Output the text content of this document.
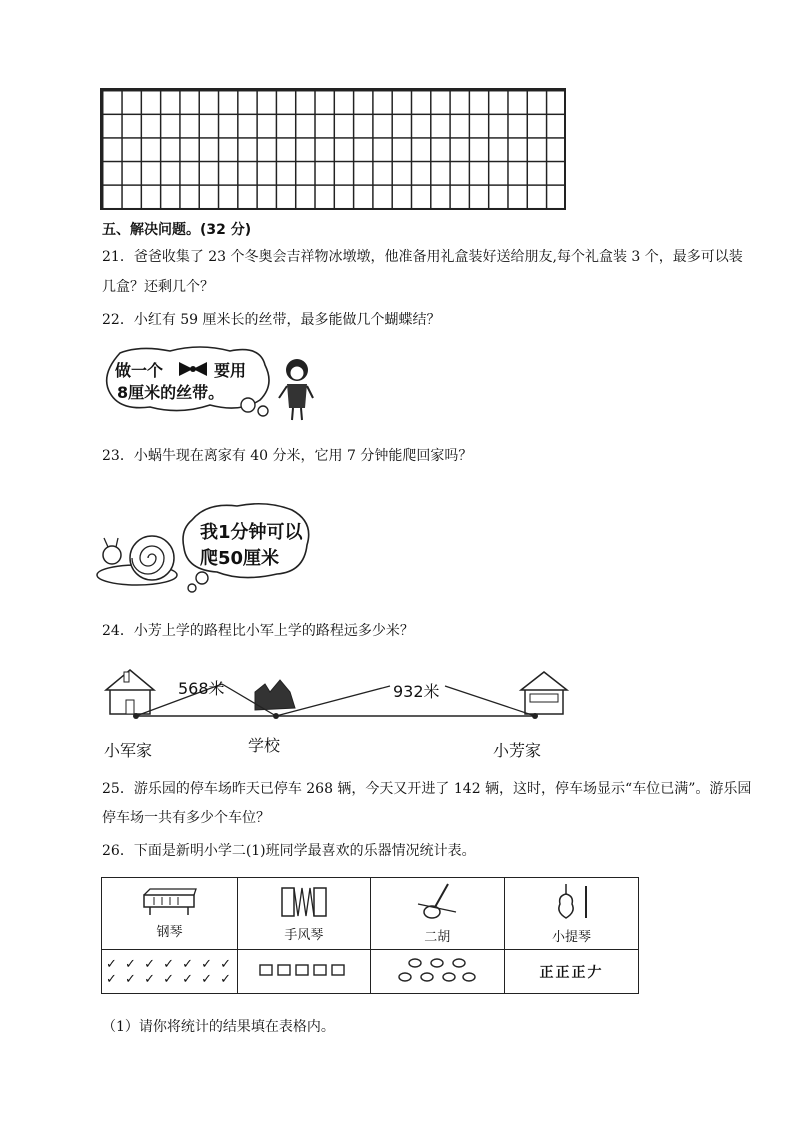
五、解决问题。(32 分)
21．爸爸收集了 23 个冬奥会吉祥物冰墩墩，他准备用礼盒装好送给朋友,每个礼盒装 3 个，最多可以装
几盒？还剩几个？
22．小红有 59 厘米长的丝带，最多能做几个蝴蝶结？
做一个	要用
8厘米的丝带。
23．小蜗牛现在离家有 40 分米，它用 7 分钟能爬回家吗？
我1分钟可以
爬50厘米
24．小芳上学的路程比小军上学的路程远多少米？
568米	932米
小军家	学校	小芳家
25．游乐园的停车场昨天已停车 268 辆，今天又开进了 142 辆，这时，停车场显示“车位已满”。游乐园
停车场一共有多少个车位？
26．下面是新明小学二(1)班同学最喜欢的乐器情况统计表。
钢琴	手风琴	二胡	小提琴

✓ ✓ ✓ ✓ ✓ ✓ ✓
✓ ✓ ✓ ✓ ✓ ✓ ✓			正正正𠂇
（1）请你将统计的结果填在表格内。
